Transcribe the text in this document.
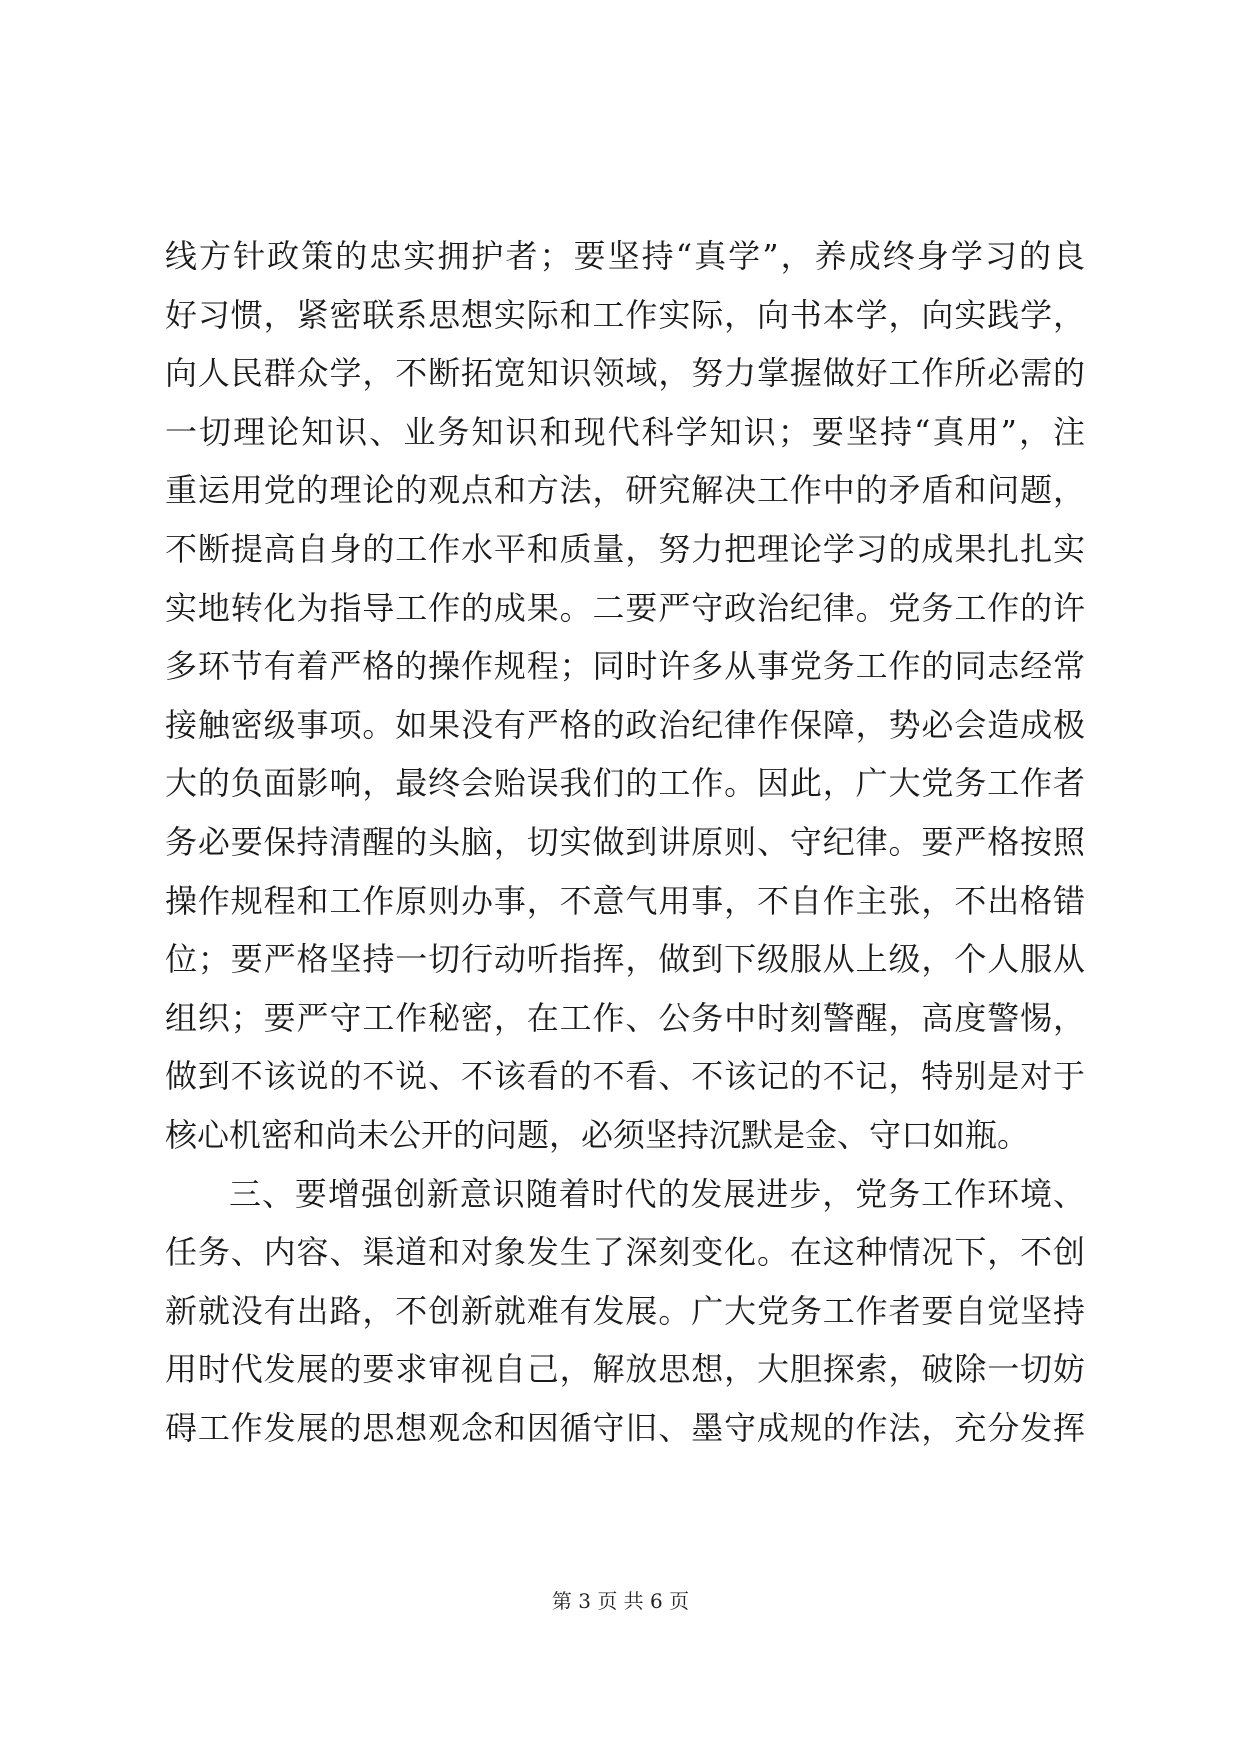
线方针政策的忠实拥护者；要坚持“真学”，养成终身学习的良
好习惯，紧密联系思想实际和工作实际，向书本学，向实践学，
向人民群众学，不断拓宽知识领域，努力掌握做好工作所必需的
一切理论知识、业务知识和现代科学知识；要坚持“真用”，注
重运用党的理论的观点和方法，研究解决工作中的矛盾和问题，
不断提高自身的工作水平和质量，努力把理论学习的成果扎扎实
实地转化为指导工作的成果。二要严守政治纪律。党务工作的许
多环节有着严格的操作规程；同时许多从事党务工作的同志经常
接触密级事项。如果没有严格的政治纪律作保障，势必会造成极
大的负面影响，最终会贻误我们的工作。因此，广大党务工作者
务必要保持清醒的头脑，切实做到讲原则、守纪律。要严格按照
操作规程和工作原则办事，不意气用事，不自作主张，不出格错
位；要严格坚持一切行动听指挥，做到下级服从上级，个人服从
组织；要严守工作秘密，在工作、公务中时刻警醒，高度警惕，
做到不该说的不说、不该看的不看、不该记的不记，特别是对于
核心机密和尚未公开的问题，必须坚持沉默是金、守口如瓶。
三、要增强创新意识随着时代的发展进步，党务工作环境、
任务、内容、渠道和对象发生了深刻变化。在这种情况下，不创
新就没有出路，不创新就难有发展。广大党务工作者要自觉坚持
用时代发展的要求审视自己，解放思想，大胆探索，破除一切妨
碍工作发展的思想观念和因循守旧、墨守成规的作法，充分发挥
第 3 页 共 6 页
